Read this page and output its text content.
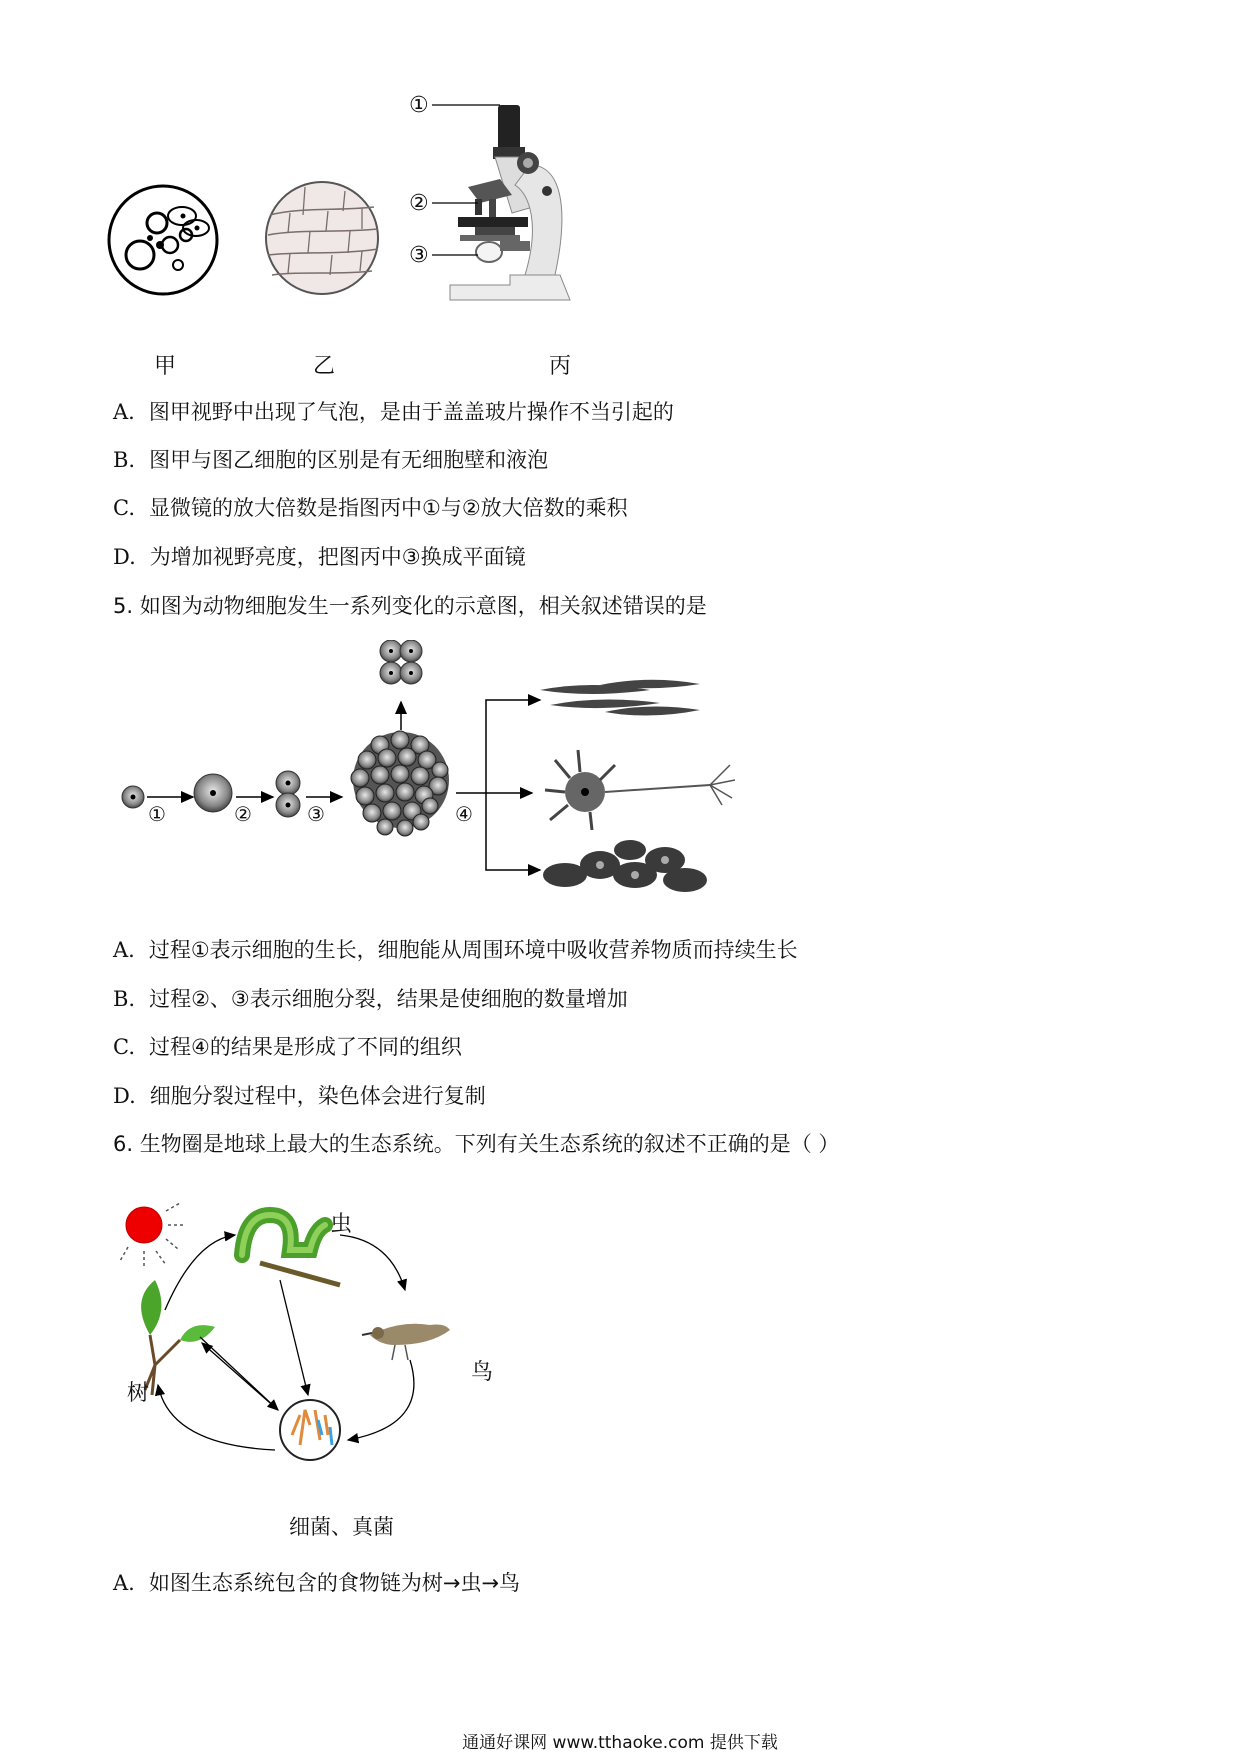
①
②
③
甲	乙	丙
A. 图甲视野中出现了气泡，是由于盖盖玻片操作不当引起的
B. 图甲与图乙细胞的区别是有无细胞壁和液泡
C. 显微镜的放大倍数是指图丙中①与②放大倍数的乘积
D. 为增加视野亮度，把图丙中③换成平面镜
5. 如图为动物细胞发生一系列变化的示意图，相关叙述错误的是
①	②	③	④
A. 过程①表示细胞的生长，细胞能从周围环境中吸收营养物质而持续生长
B. 过程②、③表示细胞分裂，结果是使细胞的数量增加
C. 过程④的结果是形成了不同的组织
D. 细胞分裂过程中，染色体会进行复制
6. 生物圈是地球上最大的生态系统。下列有关生态系统的叙述不正确的是（ ）
虫
鸟
树
细菌、真菌
A. 如图生态系统包含的食物链为树→虫→鸟
通通好课网 www.tthaoke.com 提供下载
